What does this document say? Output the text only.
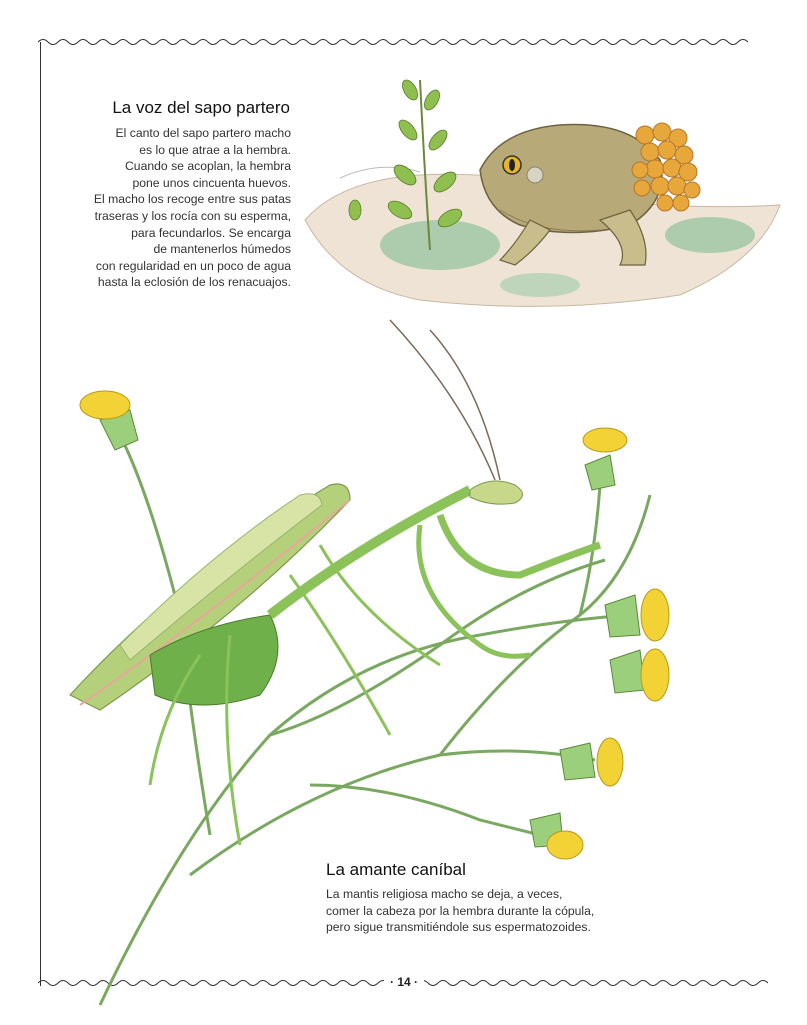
· 14 ·
La voz del sapo partero
El canto del sapo partero macho
es lo que atrae a la hembra.
Cuando se acoplan, la hembra
pone unos cincuenta huevos.
El macho los recoge entre sus patas
traseras y los rocía con su esperma,
para fecundarlos. Se encarga
de mantenerlos húmedos
con regularidad en un poco de agua
hasta la eclosión de los renacuajos.
La amante caníbal
La mantis religiosa macho se deja, a veces,
comer la cabeza por la hembra durante la cópula,
pero sigue transmitiéndole sus espermatozoides.
